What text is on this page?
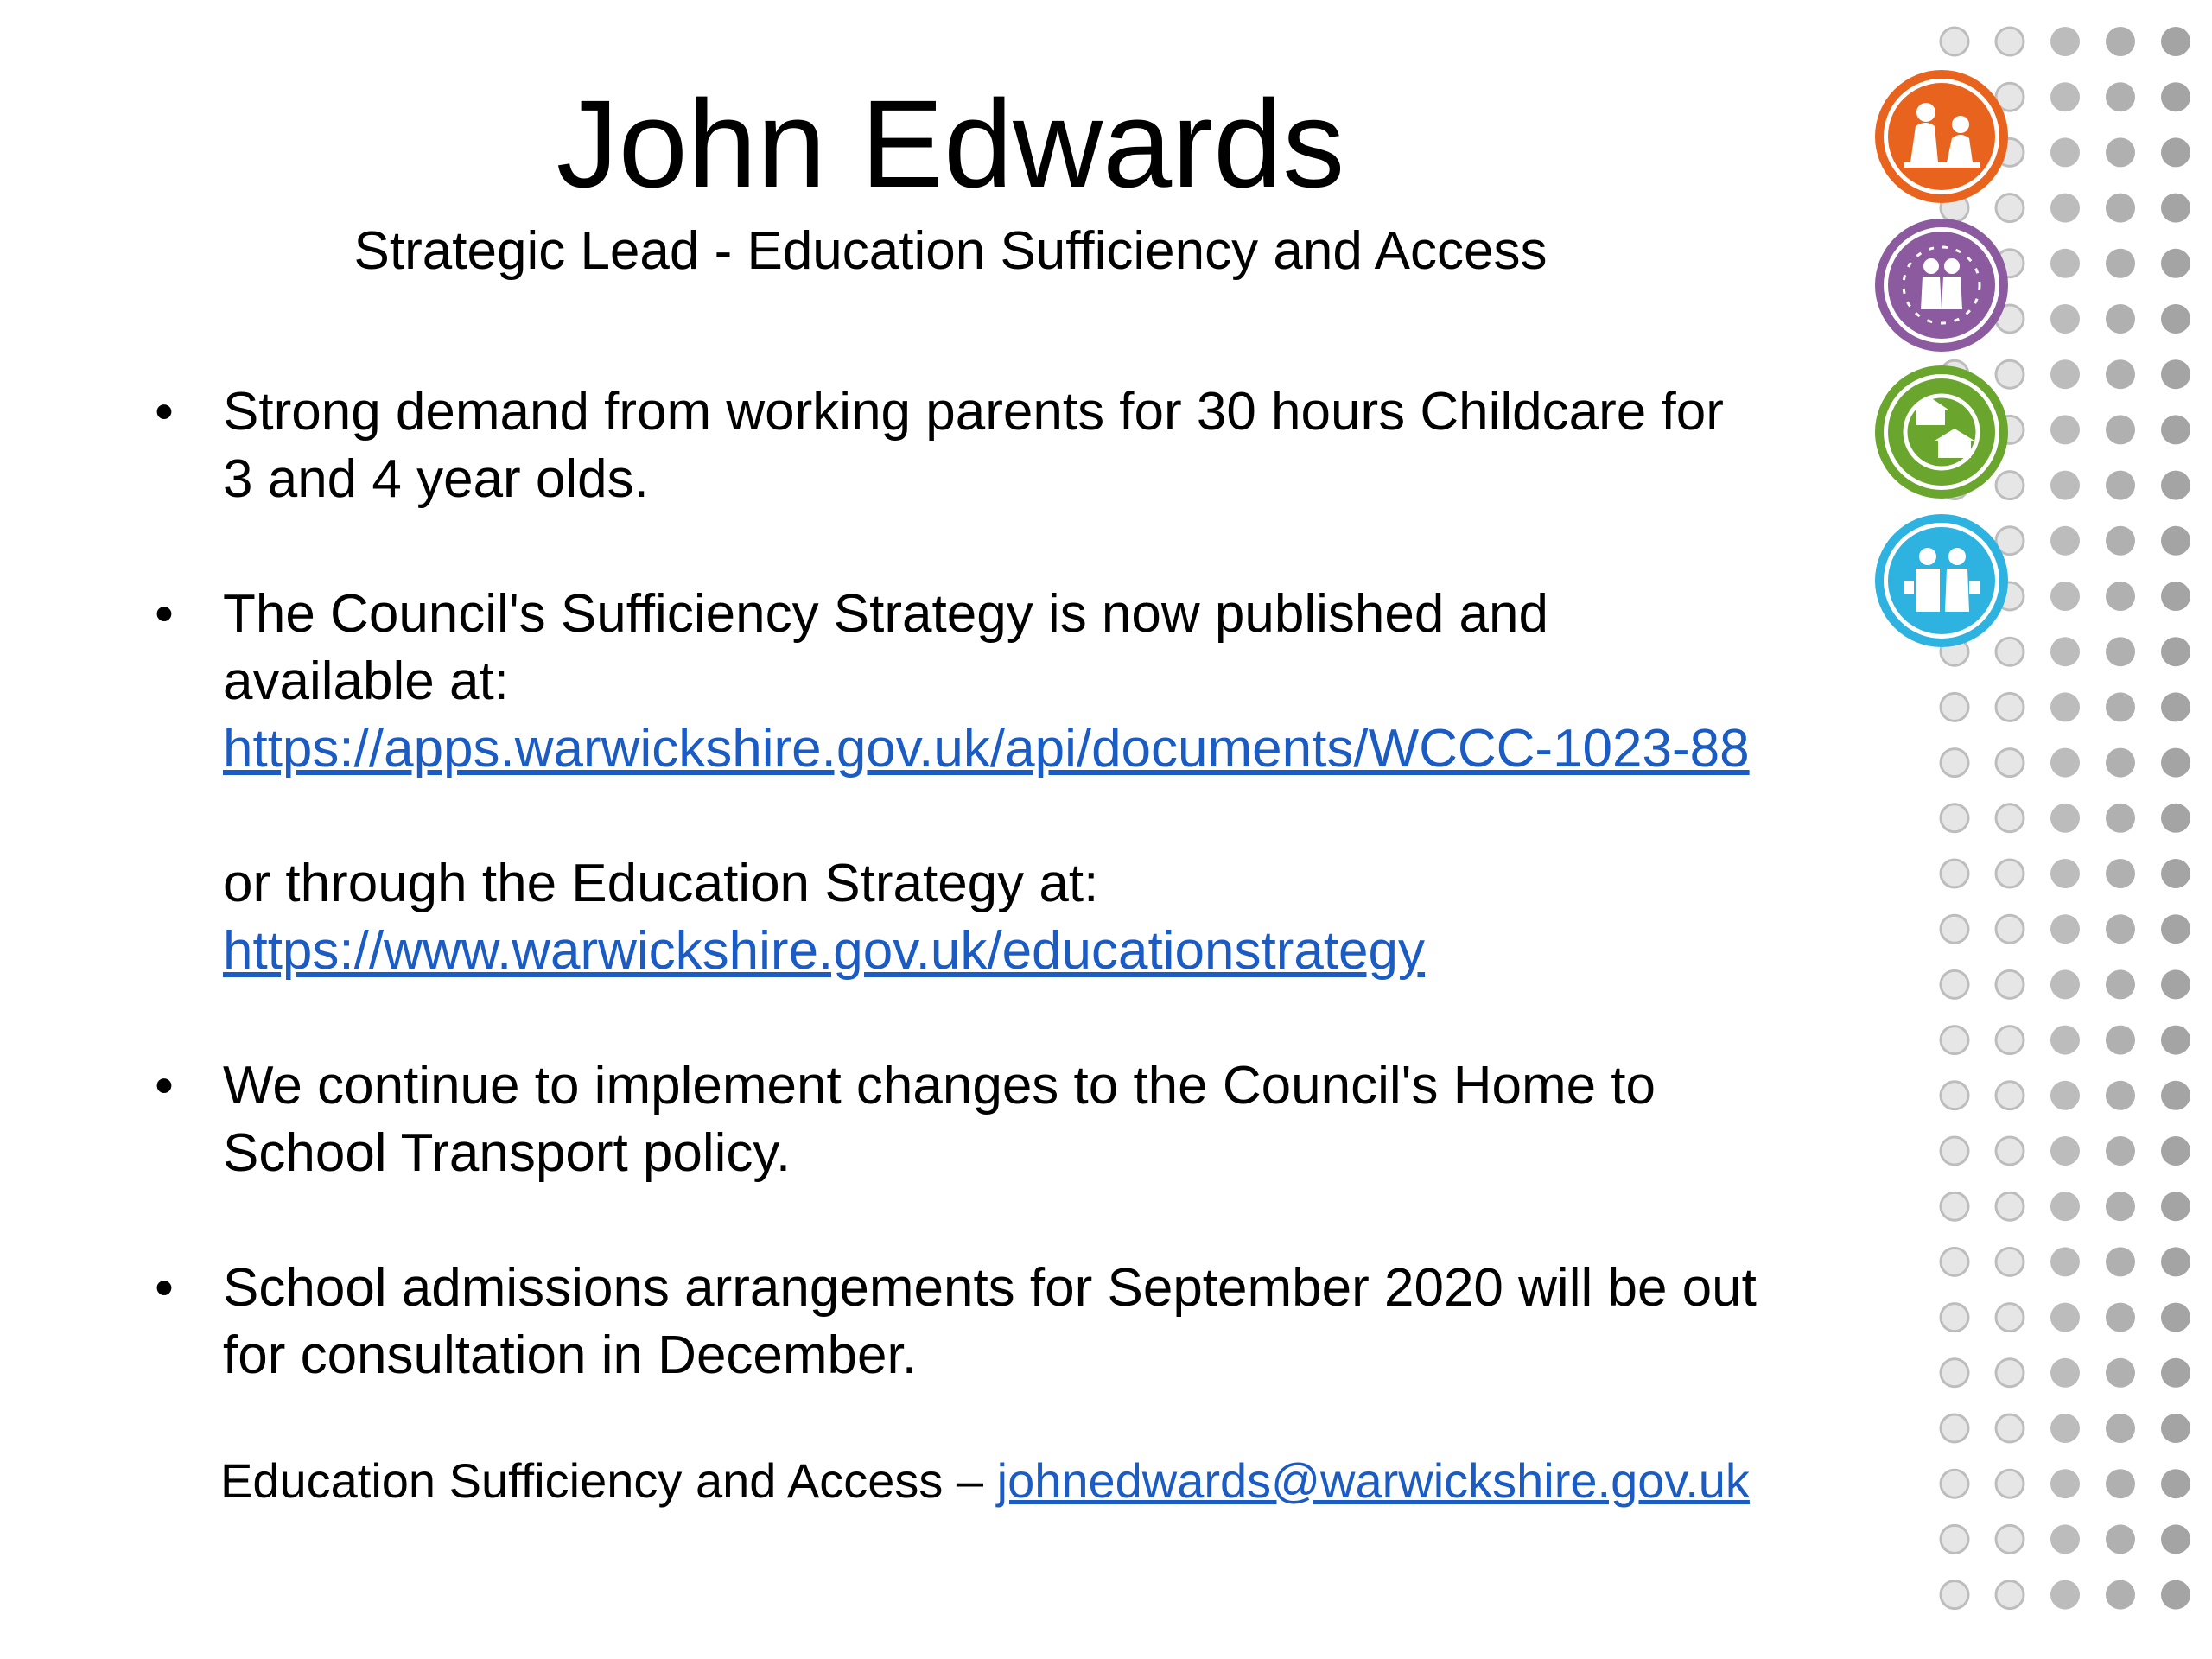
John Edwards
Strategic Lead - Education Sufficiency and Access
• Strong demand from working parents for 30 hours Childcare for
3 and 4 year olds.
• The Council's Sufficiency Strategy is now published and
available at:
https://apps.warwickshire.gov.uk/api/documents/WCCC-1023-88
or through the Education Strategy at:
https://www.warwickshire.gov.uk/educationstrategy
• We continue to implement changes to the Council's Home to
School Transport policy.
• School admissions arrangements for September 2020 will be out
for consultation in December.
Education Sufficiency and Access – johnedwards@warwickshire.gov.uk
